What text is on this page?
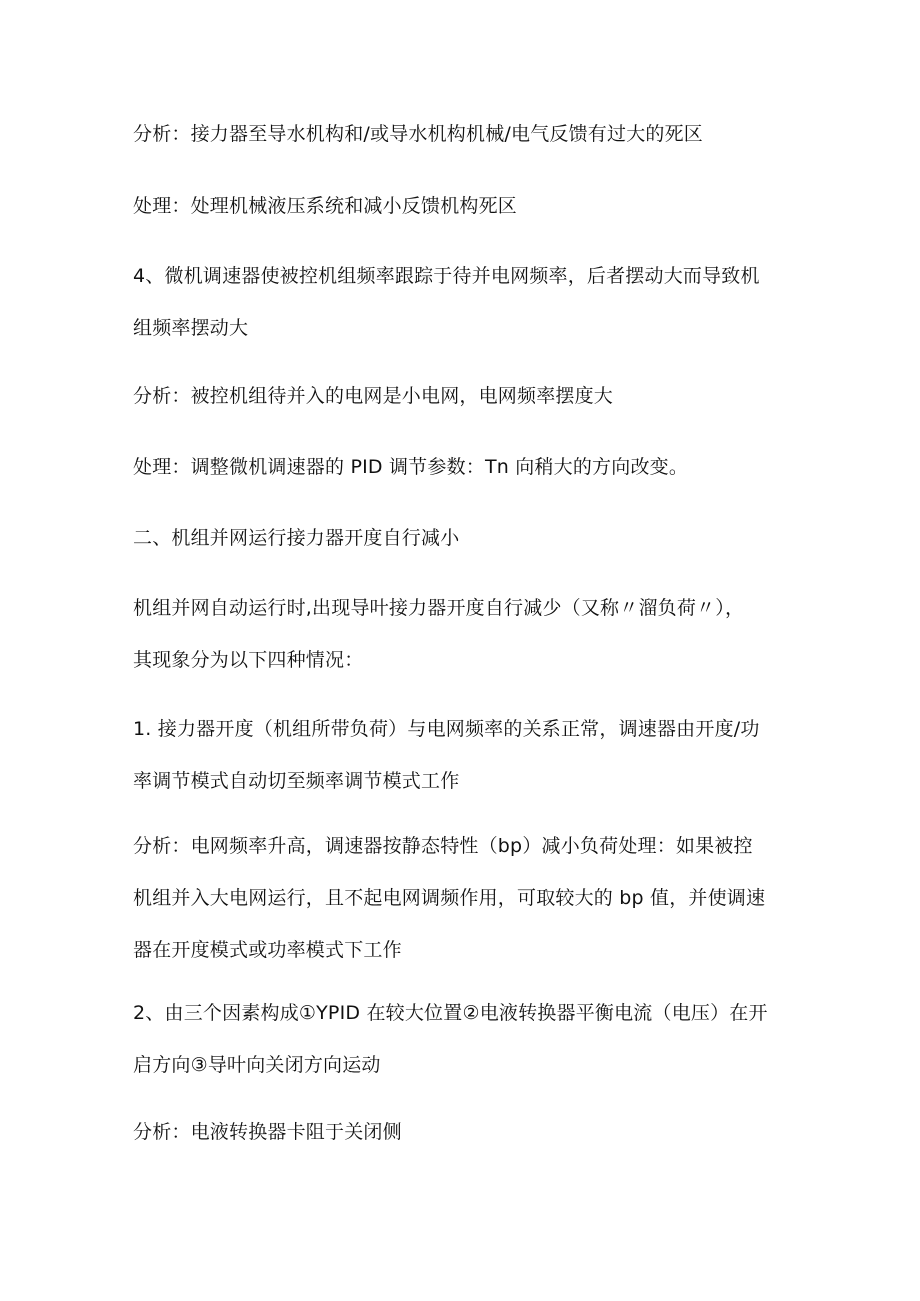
分析：接力器至导水机构和/或导水机构机械/电气反馈有过大的死区

处理：处理机械液压系统和减小反馈机构死区

4、微机调速器使被控机组频率跟踪于待并电网频率，后者摆动大而导致机
组频率摆动大

分析：被控机组待并入的电网是小电网，电网频率摆度大

处理：调整微机调速器的 PID 调节参数：Tn 向稍大的方向改变。

二、机组并网运行接力器开度自行减小

机组并网自动运行时,出现导叶接力器开度自行减少（又称〃溜负荷〃），
其现象分为以下四种情况：

1. 接力器开度（机组所带负荷）与电网频率的关系正常，调速器由开度/功
率调节模式自动切至频率调节模式工作

分析：电网频率升高，调速器按静态特性（bp）减小负荷处理：如果被控
机组并入大电网运行，且不起电网调频作用，可取较大的 bp 值，并使调速
器在开度模式或功率模式下工作

2、由三个因素构成①YPID 在较大位置②电液转换器平衡电流（电压）在开
启方向③导叶向关闭方向运动

分析：电液转换器卡阻于关闭侧
